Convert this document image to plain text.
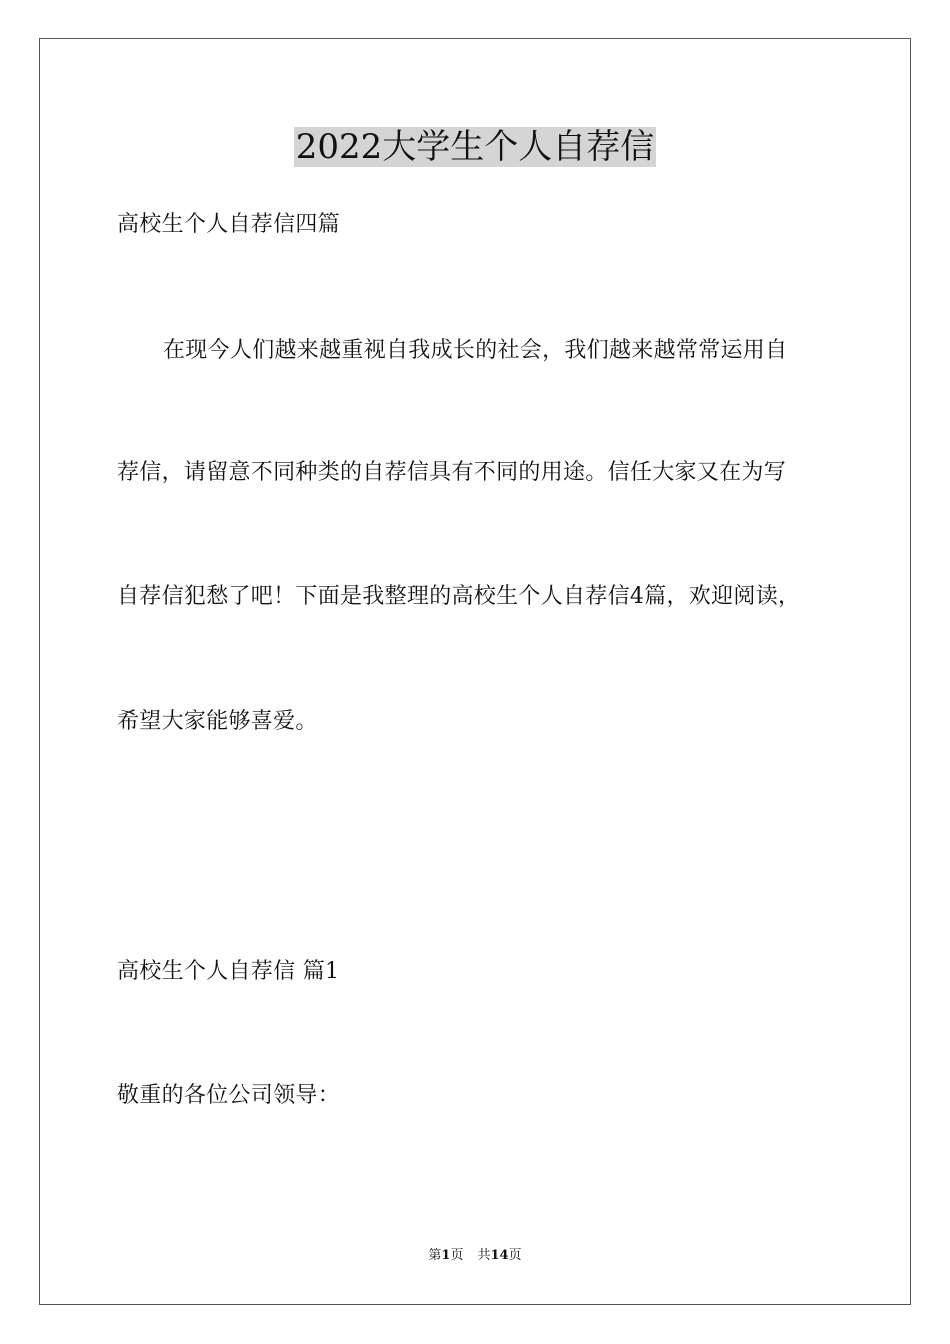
2022大学生个人自荐信

高校生个人自荐信四篇

在现今人们越来越重视自我成长的社会，我们越来越常常运用自

荐信，请留意不同种类的自荐信具有不同的用途。信任大家又在为写

自荐信犯愁了吧！下面是我整理的高校生个人自荐信4篇，欢迎阅读，

希望大家能够喜爱。

高校生个人自荐信 篇1

敬重的各位公司领导：

第1页 共14页
